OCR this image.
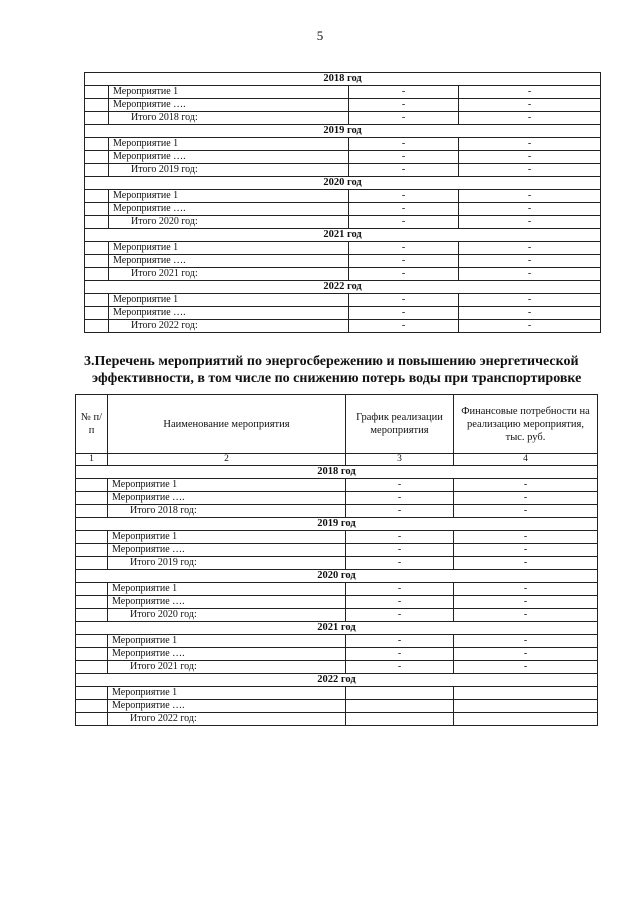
5
2018 год			
	Мероприятие 1	-	-
	Мероприятие ….	-	-
	Итого 2018 год:	-	-
2019 год			
	Мероприятие 1	-	-
	Мероприятие ….	-	-
	Итого 2019 год:	-	-
2020 год			
	Мероприятие 1	-	-
	Мероприятие ….	-	-
	Итого 2020 год:	-	-
2021 год			
	Мероприятие 1	-	-
	Мероприятие ….	-	-
	Итого 2021 год:	-	-
2022 год			
	Мероприятие 1	-	-
	Мероприятие ….	-	-
	Итого 2022 год:	-	-
3.Перечень мероприятий по энергосбережению и повышению энергетической
эффективности, в том числе по снижению потерь воды при транспортировке
№ п/п	Наименование мероприятия	График реализации мероприятия	Финансовые потребности на реализацию мероприятия, тыс. руб.
1	2	3	4
2018 год			
	Мероприятие 1	-	-
	Мероприятие ….	-	-
	Итого 2018 год:	-	-
2019 год			
	Мероприятие 1	-	-
	Мероприятие ….	-	-
	Итого 2019 год:	-	-
2020 год			
	Мероприятие 1	-	-
	Мероприятие ….	-	-
	Итого 2020 год:	-	-
2021 год			
	Мероприятие 1	-	-
	Мероприятие ….	-	-
	Итого 2021 год:	-	-
2022 год			
	Мероприятие 1		
	Мероприятие ….		
	Итого 2022 год:		
